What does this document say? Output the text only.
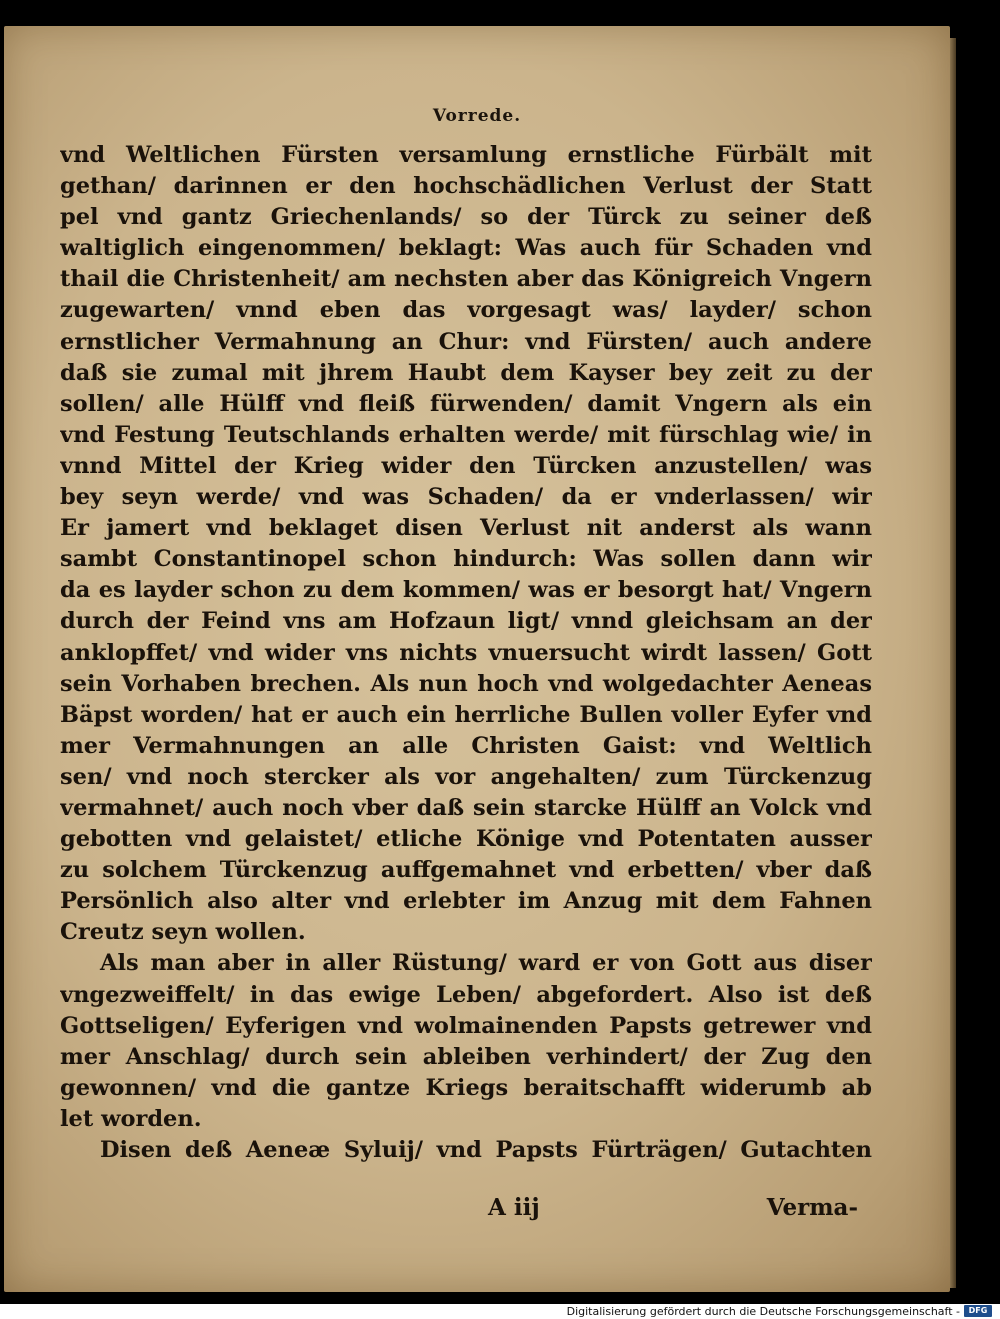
Vorrede.
vnd Weltlichen Fürsten versamlung ernstliche Fürbält mit
gethan/ darinnen er den hochschädlichen Verlust der Statt
pel vnd gantz Griechenlands/ so der Türck zu seiner deß
waltiglich eingenommen/ beklagt: Was auch für Schaden vnd
thail die Christenheit/ am nechsten aber das Königreich Vngern
zugewarten/ vnnd eben das vorgesagt was/ layder/ schon
ernstlicher Vermahnung an Chur: vnd Fürsten/ auch andere
daß sie zumal mit jhrem Haubt dem Kayser bey zeit zu der
sollen/ alle Hülff vnd fleiß fürwenden/ damit Vngern als ein
vnd Festung Teutschlands erhalten werde/ mit fürschlag wie/ in
vnnd Mittel der Krieg wider den Türcken anzustellen/ was
bey seyn werde/ vnd was Schaden/ da er vnderlassen/ wir
Er jamert vnd beklaget disen Verlust nit anderst als wann
sambt Constantinopel schon hindurch: Was sollen dann wir
da es layder schon zu dem kommen/ was er besorgt hat/ Vngern
durch der Feind vns am Hofzaun ligt/ vnnd gleichsam an der
anklopffet/ vnd wider vns nichts vnuersucht wirdt lassen/ Gott
sein Vorhaben brechen. Als nun hoch vnd wolgedachter Aeneas
Bäpst worden/ hat er auch ein herrliche Bullen voller Eyfer vnd
mer Vermahnungen an alle Christen Gaist: vnd Weltlich
sen/ vnd noch stercker als vor angehalten/ zum Türckenzug
vermahnet/ auch noch vber daß sein starcke Hülff an Volck vnd
gebotten vnd gelaistet/ etliche Könige vnd Potentaten ausser
zu solchem Türckenzug auffgemahnet vnd erbetten/ vber daß
Persönlich also alter vnd erlebter im Anzug mit dem Fahnen
Creutz seyn wollen.
Als man aber in aller Rüstung/ ward er von Gott aus diser
vngezweiffelt/ in das ewige Leben/ abgefordert. Also ist deß
Gottseligen/ Eyferigen vnd wolmainenden Papsts getrewer vnd
mer Anschlag/ durch sein ableiben verhindert/ der Zug den
gewonnen/ vnd die gantze Kriegs beraitschafft widerumb ab
let worden.
Disen deß Aeneæ Syluij/ vnd Papsts Fürträgen/ Gutachten
A iij	Verma-
Digitalisierung gefördert durch die Deutsche Forschungsgemeinschaft -	DFG
